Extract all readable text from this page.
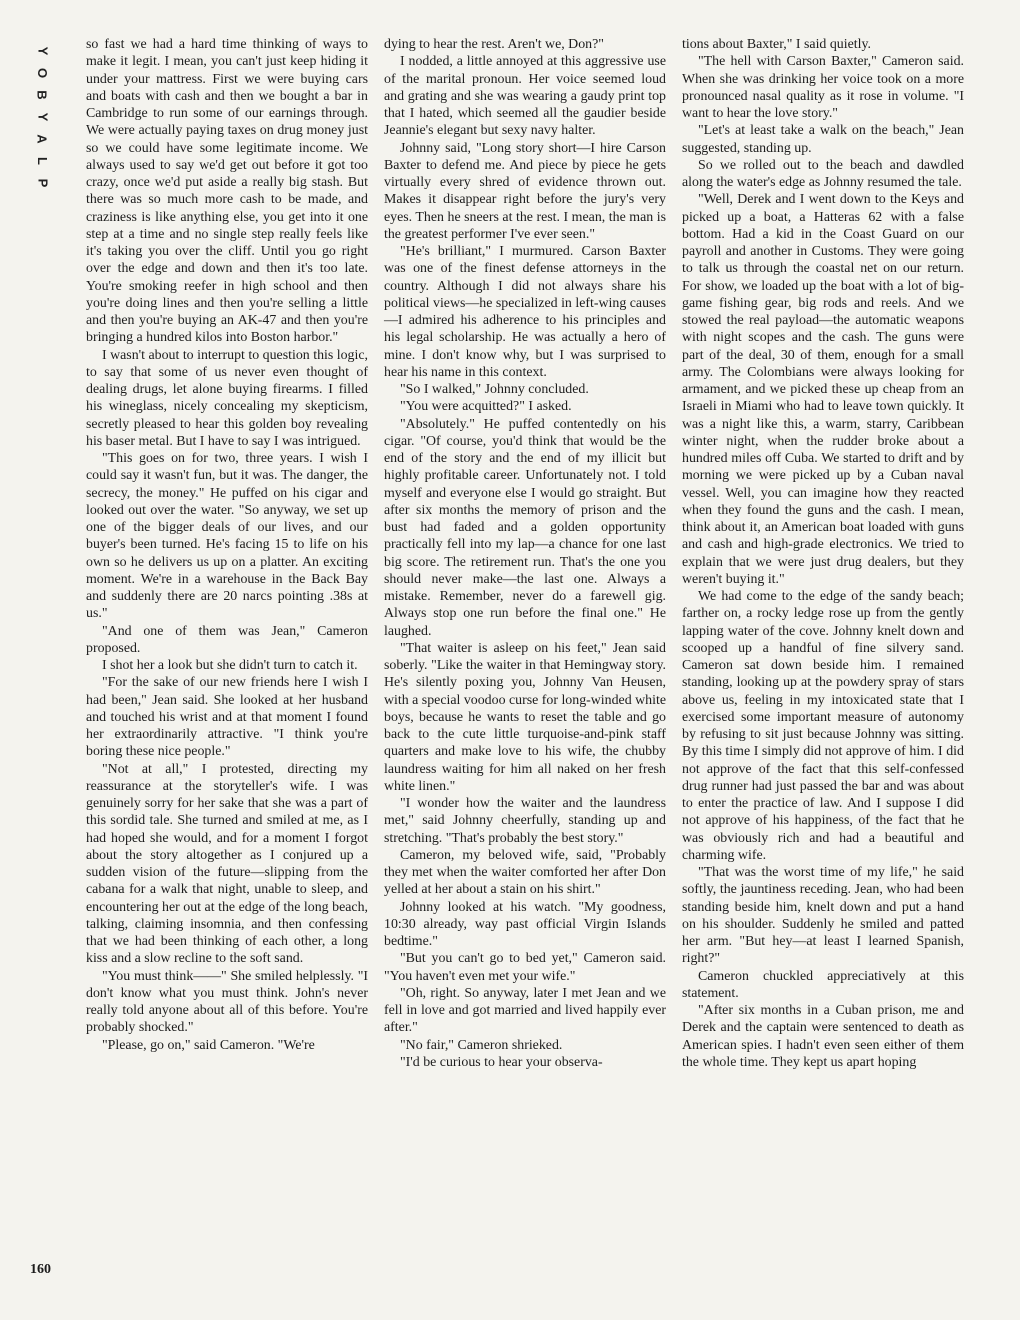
Y
O
B
Y
A
L
P

so fast we had a hard time thinking of ways to make it legit. I mean, you can't just keep hiding it under your mattress. First we were buying cars and boats with cash and then we bought a bar in Cambridge to run some of our earnings through. We were actually paying taxes on drug money just so we could have some legitimate income. We always used to say we'd get out before it got too crazy, once we'd put aside a really big stash. But there was so much more cash to be made, and craziness is like anything else, you get into it one step at a time and no single step really feels like it's taking you over the cliff. Until you go right over the edge and down and then it's too late. You're smoking reefer in high school and then you're doing lines and then you're selling a little and then you're buying an AK-47 and then you're bringing a hundred kilos into Boston harbor."

I wasn't about to interrupt to question this logic, to say that some of us never even thought of dealing drugs, let alone buying firearms. I filled his wineglass, nicely concealing my skepticism, secretly pleased to hear this golden boy revealing his baser metal. But I have to say I was intrigued.

"This goes on for two, three years. I wish I could say it wasn't fun, but it was. The danger, the secrecy, the money." He puffed on his cigar and looked out over the water. "So anyway, we set up one of the bigger deals of our lives, and our buyer's been turned. He's facing 15 to life on his own so he delivers us up on a platter. An exciting moment. We're in a warehouse in the Back Bay and suddenly there are 20 narcs pointing .38s at us."

"And one of them was Jean," Cameron proposed.

I shot her a look but she didn't turn to catch it.

"For the sake of our new friends here I wish I had been," Jean said. She looked at her husband and touched his wrist and at that moment I found her extraordinarily attractive. "I think you're boring these nice people."

"Not at all," I protested, directing my reassurance at the storyteller's wife. I was genuinely sorry for her sake that she was a part of this sordid tale. She turned and smiled at me, as I had hoped she would, and for a moment I forgot about the story altogether as I conjured up a sudden vision of the future—slipping from the cabana for a walk that night, unable to sleep, and encountering her out at the edge of the long beach, talking, claiming insomnia, and then confessing that we had been thinking of each other, a long kiss and a slow recline to the soft sand.

"You must think——" She smiled helplessly. "I don't know what you must think. John's never really told anyone about all of this before. You're probably shocked."

"Please, go on," said Cameron. "We're

dying to hear the rest. Aren't we, Don?"

I nodded, a little annoyed at this aggressive use of the marital pronoun. Her voice seemed loud and grating and she was wearing a gaudy print top that I hated, which seemed all the gaudier beside Jeannie's elegant but sexy navy halter.

Johnny said, "Long story short—I hire Carson Baxter to defend me. And piece by piece he gets virtually every shred of evidence thrown out. Makes it disappear right before the jury's very eyes. Then he sneers at the rest. I mean, the man is the greatest performer I've ever seen."

"He's brilliant," I murmured. Carson Baxter was one of the finest defense attorneys in the country. Although I did not always share his political views—he specialized in left-wing causes—I admired his adherence to his principles and his legal scholarship. He was actually a hero of mine. I don't know why, but I was surprised to hear his name in this context.

"So I walked," Johnny concluded.

"You were acquitted?" I asked.

"Absolutely." He puffed contentedly on his cigar. "Of course, you'd think that would be the end of the story and the end of my illicit but highly profitable career. Unfortunately not. I told myself and everyone else I would go straight. But after six months the memory of prison and the bust had faded and a golden opportunity practically fell into my lap—a chance for one last big score. The retirement run. That's the one you should never make—the last one. Always a mistake. Remember, never do a farewell gig. Always stop one run before the final one." He laughed.

"That waiter is asleep on his feet," Jean said soberly. "Like the waiter in that Hemingway story. He's silently poxing you, Johnny Van Heusen, with a special voodoo curse for long-winded white boys, because he wants to reset the table and go back to the cute little turquoise-and-pink staff quarters and make love to his wife, the chubby laundress waiting for him all naked on her fresh white linen."

"I wonder how the waiter and the laundress met," said Johnny cheerfully, standing up and stretching. "That's probably the best story."

Cameron, my beloved wife, said, "Probably they met when the waiter comforted her after Don yelled at her about a stain on his shirt."

Johnny looked at his watch. "My goodness, 10:30 already, way past official Virgin Islands bedtime."

"But you can't go to bed yet," Cameron said. "You haven't even met your wife."

"Oh, right. So anyway, later I met Jean and we fell in love and got married and lived happily ever after."

"No fair," Cameron shrieked.

"I'd be curious to hear your observa-

tions about Baxter," I said quietly.

"The hell with Carson Baxter," Cameron said. When she was drinking her voice took on a more pronounced nasal quality as it rose in volume. "I want to hear the love story."

"Let's at least take a walk on the beach," Jean suggested, standing up.

So we rolled out to the beach and dawdled along the water's edge as Johnny resumed the tale.

"Well, Derek and I went down to the Keys and picked up a boat, a Hatteras 62 with a false bottom. Had a kid in the Coast Guard on our payroll and another in Customs. They were going to talk us through the coastal net on our return. For show, we loaded up the boat with a lot of big-game fishing gear, big rods and reels. And we stowed the real payload—the automatic weapons with night scopes and the cash. The guns were part of the deal, 30 of them, enough for a small army. The Colombians were always looking for armament, and we picked these up cheap from an Israeli in Miami who had to leave town quickly. It was a night like this, a warm, starry, Caribbean winter night, when the rudder broke about a hundred miles off Cuba. We started to drift and by morning we were picked up by a Cuban naval vessel. Well, you can imagine how they reacted when they found the guns and the cash. I mean, think about it, an American boat loaded with guns and cash and high-grade electronics. We tried to explain that we were just drug dealers, but they weren't buying it."

We had come to the edge of the sandy beach; farther on, a rocky ledge rose up from the gently lapping water of the cove. Johnny knelt down and scooped up a handful of fine silvery sand. Cameron sat down beside him. I remained standing, looking up at the powdery spray of stars above us, feeling in my intoxicated state that I exercised some important measure of autonomy by refusing to sit just because Johnny was sitting. By this time I simply did not approve of him. I did not approve of the fact that this self-confessed drug runner had just passed the bar and was about to enter the practice of law. And I suppose I did not approve of his happiness, of the fact that he was obviously rich and had a beautiful and charming wife.

"That was the worst time of my life," he said softly, the jauntiness receding. Jean, who had been standing beside him, knelt down and put a hand on his shoulder. Suddenly he smiled and patted her arm. "But hey—at least I learned Spanish, right?"

Cameron chuckled appreciatively at this statement.

"After six months in a Cuban prison, me and Derek and the captain were sentenced to death as American spies. I hadn't even seen either of them the whole time. They kept us apart hoping

160
